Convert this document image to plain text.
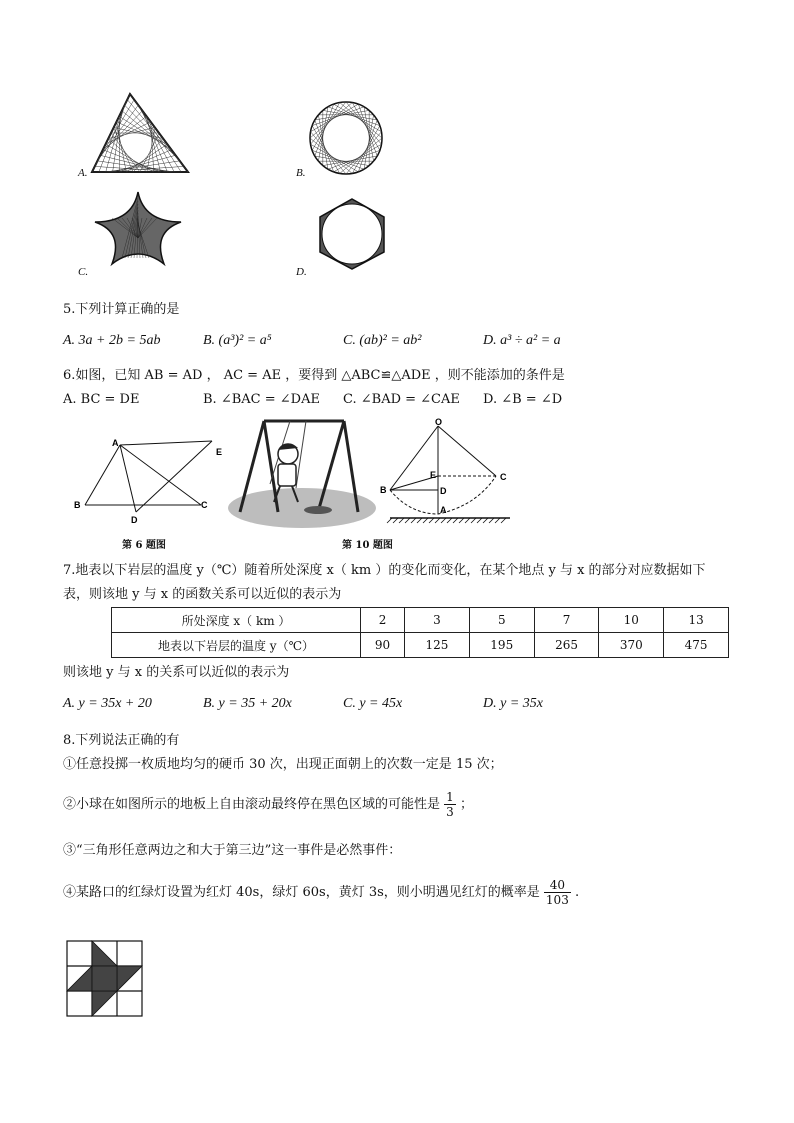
A.	B.
C.	D.
5.下列计算正确的是
A. 3a + 2b = 5ab	B. (a³)² = a⁵	C. (ab)² = ab²	D. a³ ÷ a² = a
6.如图，已知 AB = AD ， AC = AE ，要得到 △ABC≌△ADE ，则不能添加的条件是
A. BC = DE	B. ∠BAC = ∠DAE C. ∠BAD = ∠CAE D. ∠B = ∠D
A
B
D
C
E
第 6 题图
O
E	C
B	D
A
第 10 题图
7.地表以下岩层的温度 y（℃）随着所处深度 x（ km ）的变化而变化，在某个地点 y 与 x 的部分对应数据如下
表，则该地 y 与 x 的函数关系可以近似的表示为
所处深度 x（ km ）	2	3	5	7	10	13
地表以下岩层的温度 y（℃）	90	125	195	265	370	475
则该地 y 与 x 的关系可以近似的表示为
A. y = 35x + 20	B. y = 35 + 20x	C. y = 45x	D. y = 35x
8.下列说法正确的有
①任意投掷一枚质地均匀的硬币 30 次，出现正面朝上的次数一定是 15 次；
②小球在如图所示的地板上自由滚动最终停在黑色区域的可能性是 $\frac{1}{3}$ ；
③“三角形任意两边之和大于第三边”这一事件是必然事件：
④某路口的红绿灯设置为红灯 40s，绿灯 60s，黄灯 3s，则小明遇见红灯的概率是 $\frac{40}{103}$ .
